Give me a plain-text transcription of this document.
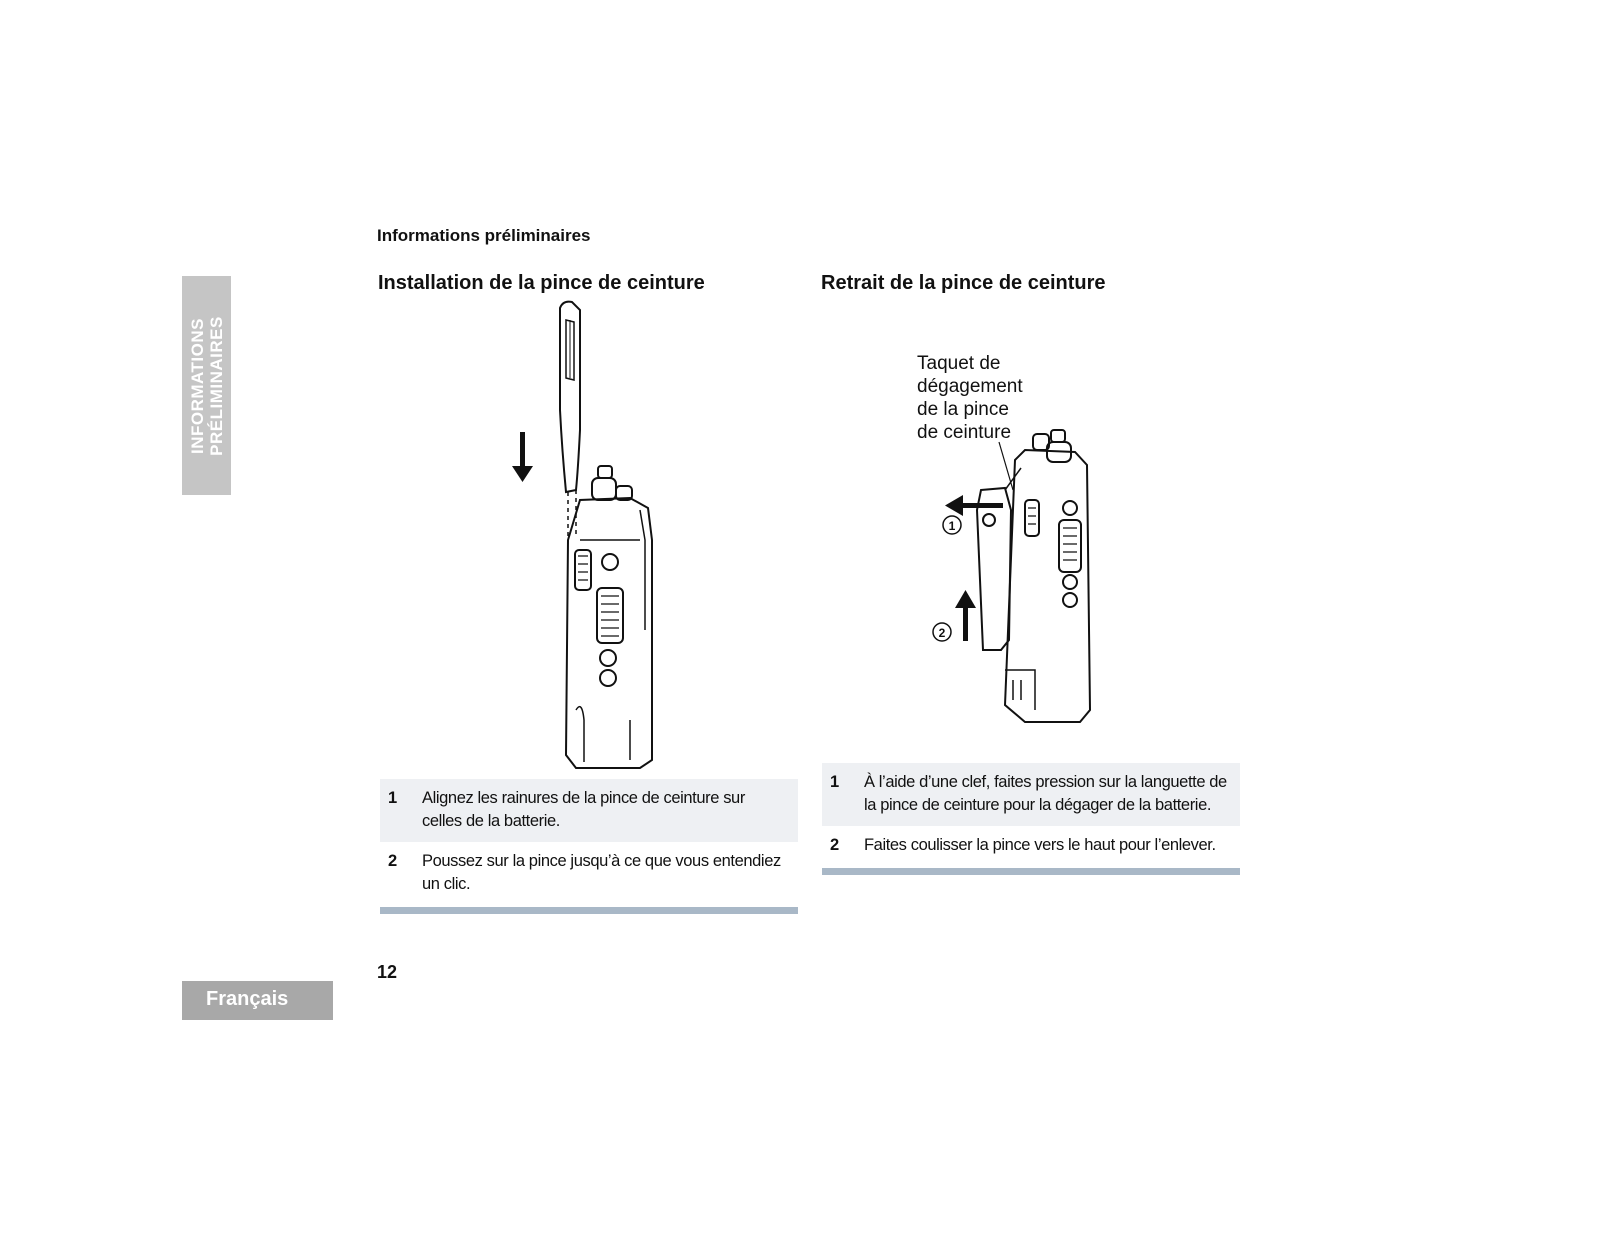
INFORMATIONS
PRÉLIMINAIRES
Informations préliminaires
Installation de la pince de ceinture	Retrait de la pince de ceinture
1
2
Taquet de
dégagement
de la pince
de ceinture
1	Alignez les rainures de la pince de ceinture sur celles de la batterie.
2	Poussez sur la pince jusqu’à ce que vous entendiez un clic.
1	À l’aide d’une clef, faites pression sur la languette de la pince de ceinture pour la dégager de la batterie.
2	Faites coulisser la pince vers le haut pour l’enlever.
12
Français
